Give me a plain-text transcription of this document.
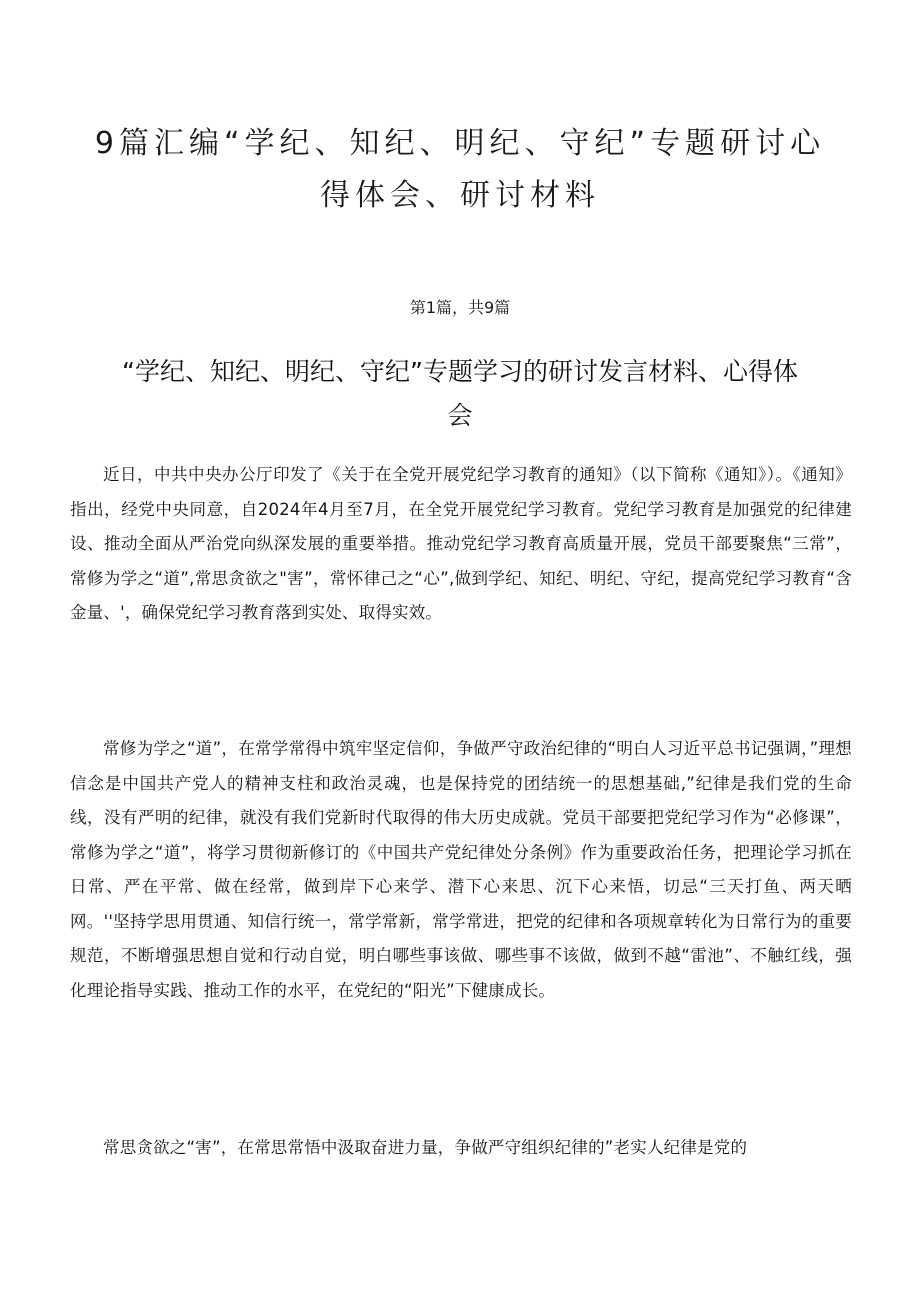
9篇汇编“学纪、知纪、明纪、守纪”专题研讨心得体会、研讨材料
第1篇，共9篇
“学纪、知纪、明纪、守纪”专题学习的研讨发言材料、心得体会

近日，中共中央办公厅印发了《关于在全党开展党纪学习教育的通知》（以下简称《通知》）。《通知》指出，经党中央同意，自2024年4月至7月，在全党开展党纪学习教育。党纪学习教育是加强党的纪律建设、推动全面从严治党向纵深发展的重要举措。推动党纪学习教育高质量开展，党员干部要聚焦“三常”，常修为学之“道”,常思贪欲之"害”，常怀律己之“心”,做到学纪、知纪、明纪、守纪，提高党纪学习教育“含金量、'，确保党纪学习教育落到实处、取得实效。

常修为学之“道”，在常学常得中筑牢坚定信仰，争做严守政治纪律的“明白人习近平总书记强调，”理想信念是中国共产党人的精神支柱和政治灵魂，也是保持党的团结统一的思想基础,”纪律是我们党的生命线，没有严明的纪律，就没有我们党新时代取得的伟大历史成就。党员干部要把党纪学习作为“必修课”，常修为学之“道”，将学习贯彻新修订的《中国共产党纪律处分条例》作为重要政治任务，把理论学习抓在日常、严在平常、做在经常，做到岸下心来学、潜下心来思、沉下心来悟，切忌“三天打鱼、两天晒网。''坚持学思用贯通、知信行统一，常学常新，常学常进，把党的纪律和各项规章转化为日常行为的重要规范，不断增强思想自觉和行动自觉，明白哪些事该做、哪些事不该做，做到不越“雷池”、不触红线，强化理论指导实践、推动工作的水平，在党纪的“阳光”下健康成长。

常思贪欲之“害”，在常思常悟中汲取奋进力量，争做严守组织纪律的”老实人纪律是党的
